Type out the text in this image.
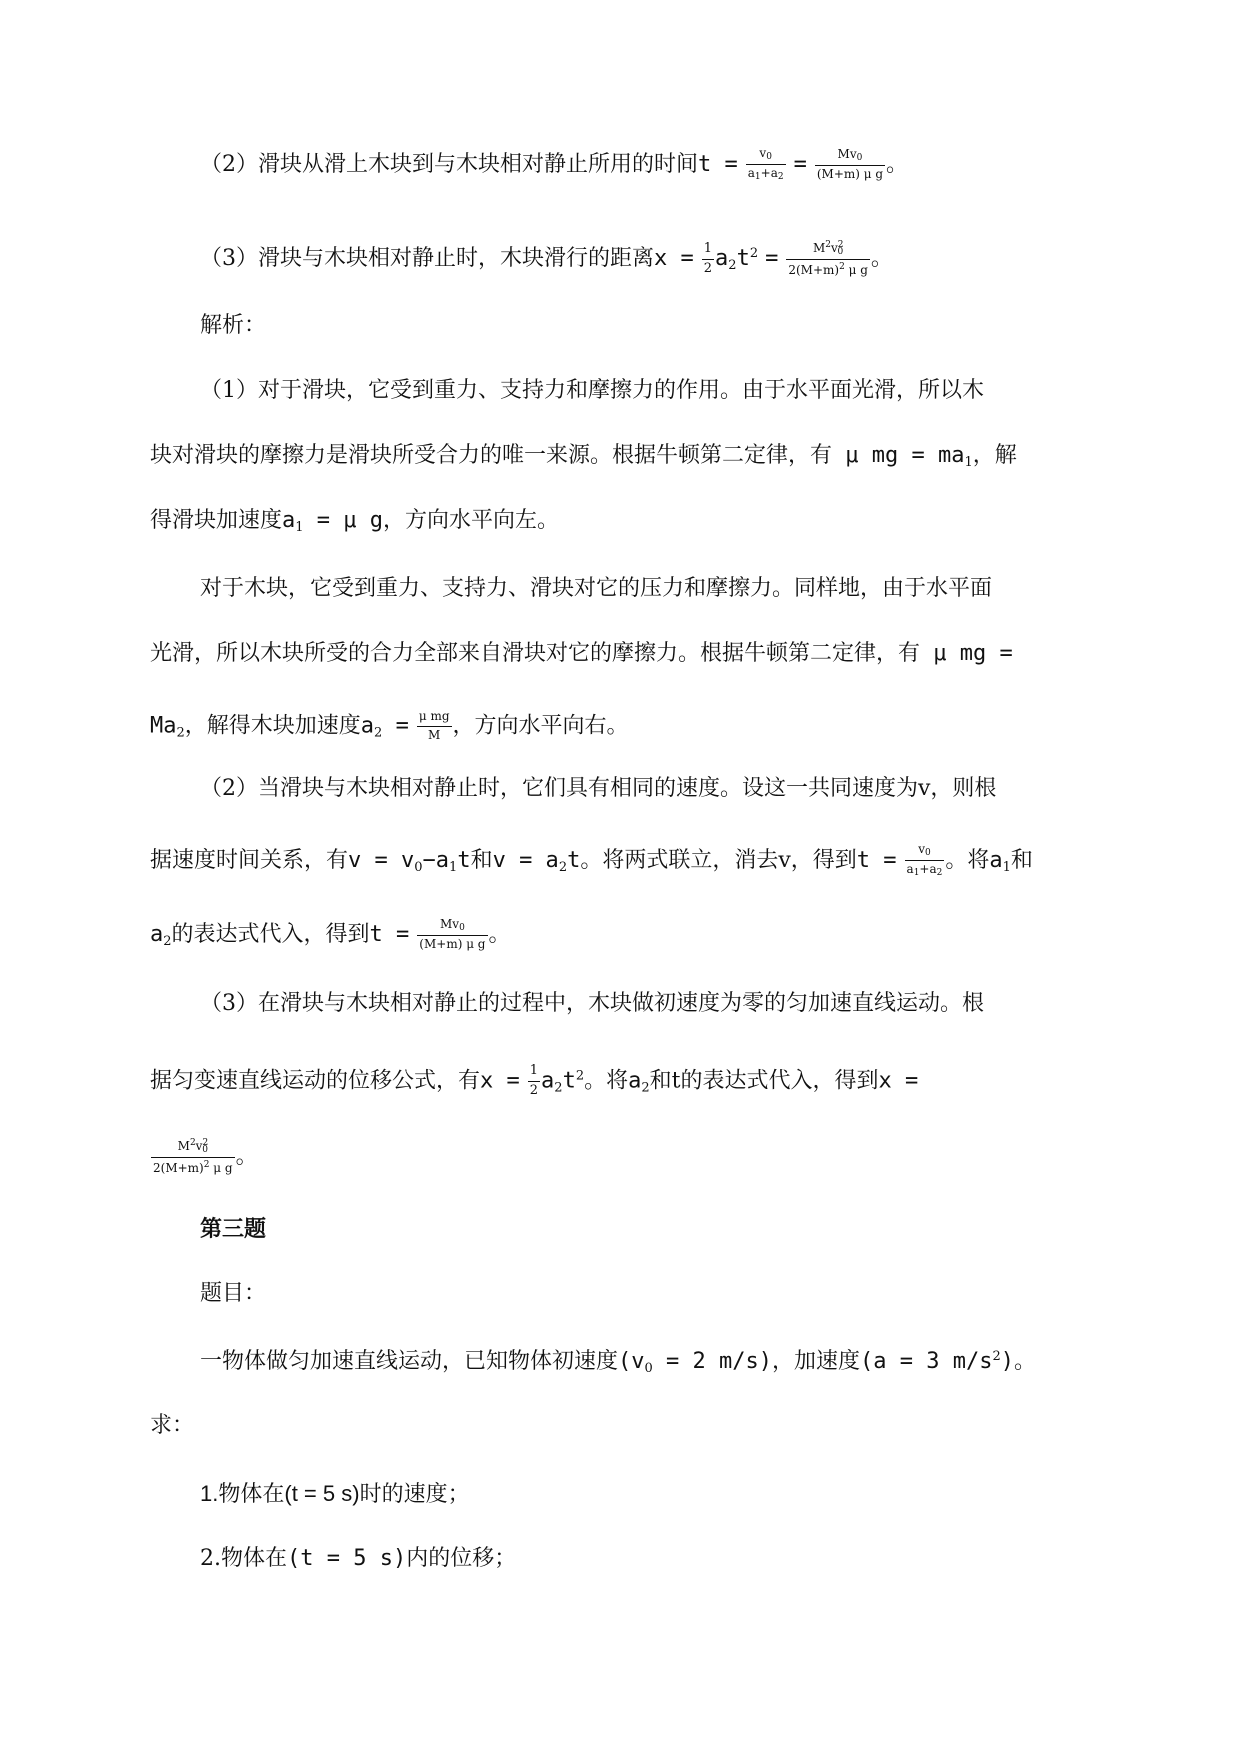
（2）滑块从滑上木块到与木块相对静止所用的时间$t = \frac{v_0}{a_1+a_2} = \frac{Mv_0}{\text{(M+m) μ g}}$ 。
（3）滑块与木块相对静止时，木块滑行的距离$x = \frac{1}{2} a_2t^2 = \frac{M^2v^2_0}{2(M+m)^2 \mu g}$ 。
解析：
（1）对于滑块，它受到重力、支持力和摩擦力的作用。由于水平面光滑，所以木
块对滑块的摩擦力是滑块所受合力的唯一来源。根据牛顿第二定律，有 μ mg = $ma_1$，解
得滑块加速度$a_1 = \mu$ g，方向水平向左。
对于木块，它受到重力、支持力、滑块对它的压力和摩擦力。同样地，由于水平面
光滑，所以木块所受的合力全部来自滑块对它的摩擦力。根据牛顿第二定律，有 μ mg =
$Ma_2$，解得木块加速度$a_2 = \frac{\text{μ mg}}{M}$ ，方向水平向右。
（2）当滑块与木块相对静止时，它们具有相同的速度。设这一共同速度为v，则根
据速度时间关系，有$v = v_0-a_1t$和$v = a_2t$。将两式联立，消去v，得到$t = \frac{v_0}{a_1+a_2}$ 。将$a_1$和
$a_2$的表达式代入，得到$t = \frac{Mv_0}{\text{(M+m) μ g}}$ 。
（3）在滑块与木块相对静止的过程中，木块做初速度为零的匀加速直线运动。根
据匀变速直线运动的位移公式，有$x = \frac{1}{2} a_2t^2$。将$a_2$和t的表达式代入，得到x =
$\frac{M^2v^2_0}{2(M+m)^2 \mu g}$ 。
第三题
题目：
一物体做匀加速直线运动，已知物体初速度($v_0 = 2$ m/s)，加速度(a = 3 $m/s^2$)。
求：
1.物体在(t = 5 s)时的速度；
2.物体在(t = 5 s)内的位移；
